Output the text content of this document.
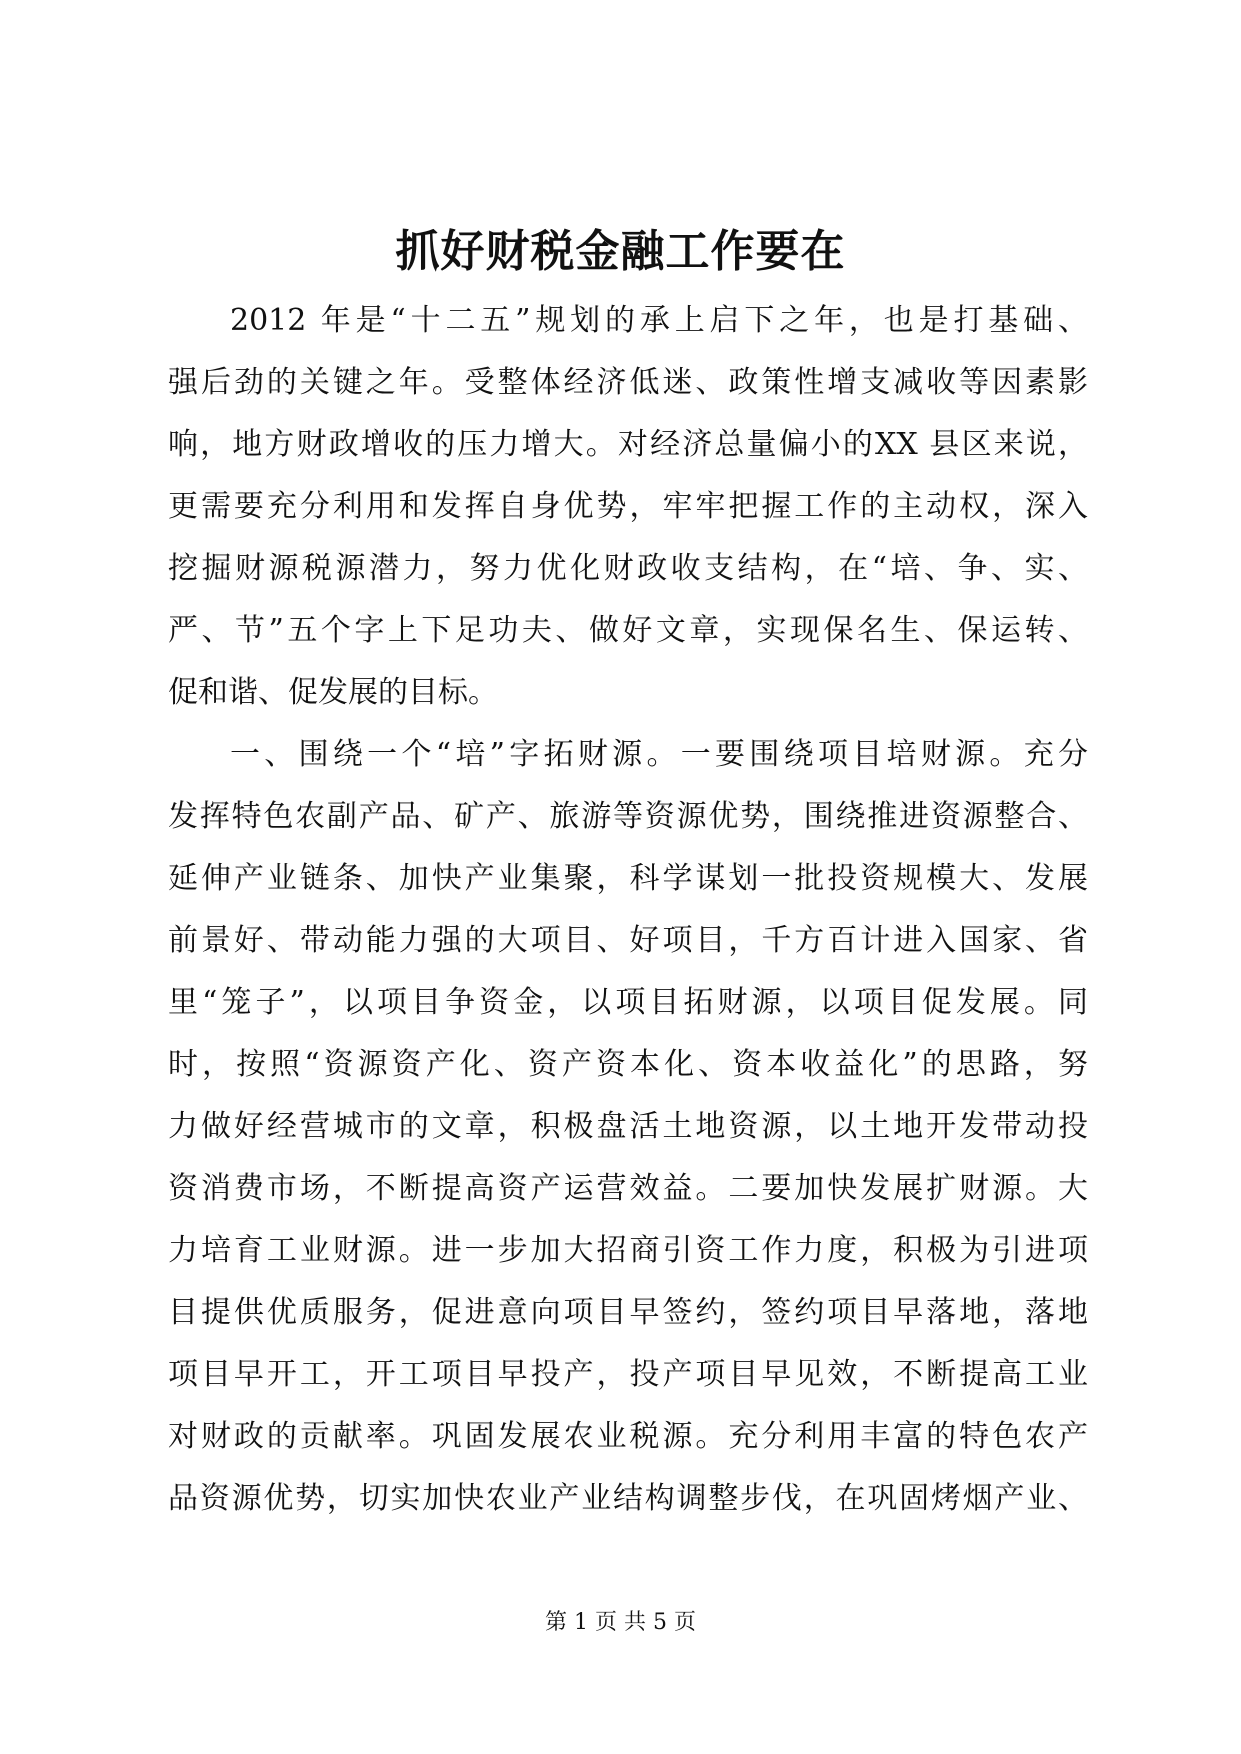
抓好财税金融工作要在
2012 年是“十二五”规划的承上启下之年，也是打基础、
强后劲的关键之年。受整体经济低迷、政策性增支减收等因素影
响，地方财政增收的压力增大。对经济总量偏小的XX 县区来说，
更需要充分利用和发挥自身优势，牢牢把握工作的主动权，深入
挖掘财源税源潜力，努力优化财政收支结构，在“培、争、实、
严、节”五个字上下足功夫、做好文章，实现保名生、保运转、
促和谐、促发展的目标。
一、围绕一个“培”字拓财源。一要围绕项目培财源。充分
发挥特色农副产品、矿产、旅游等资源优势，围绕推进资源整合、
延伸产业链条、加快产业集聚，科学谋划一批投资规模大、发展
前景好、带动能力强的大项目、好项目，千方百计进入国家、省
里“笼子”，以项目争资金，以项目拓财源，以项目促发展。同
时，按照“资源资产化、资产资本化、资本收益化”的思路，努
力做好经营城市的文章，积极盘活土地资源，以土地开发带动投
资消费市场，不断提高资产运营效益。二要加快发展扩财源。大
力培育工业财源。进一步加大招商引资工作力度，积极为引进项
目提供优质服务，促进意向项目早签约，签约项目早落地，落地
项目早开工，开工项目早投产，投产项目早见效，不断提高工业
对财政的贡献率。巩固发展农业税源。充分利用丰富的特色农产
品资源优势，切实加快农业产业结构调整步伐，在巩固烤烟产业、
第 1 页 共 5 页
